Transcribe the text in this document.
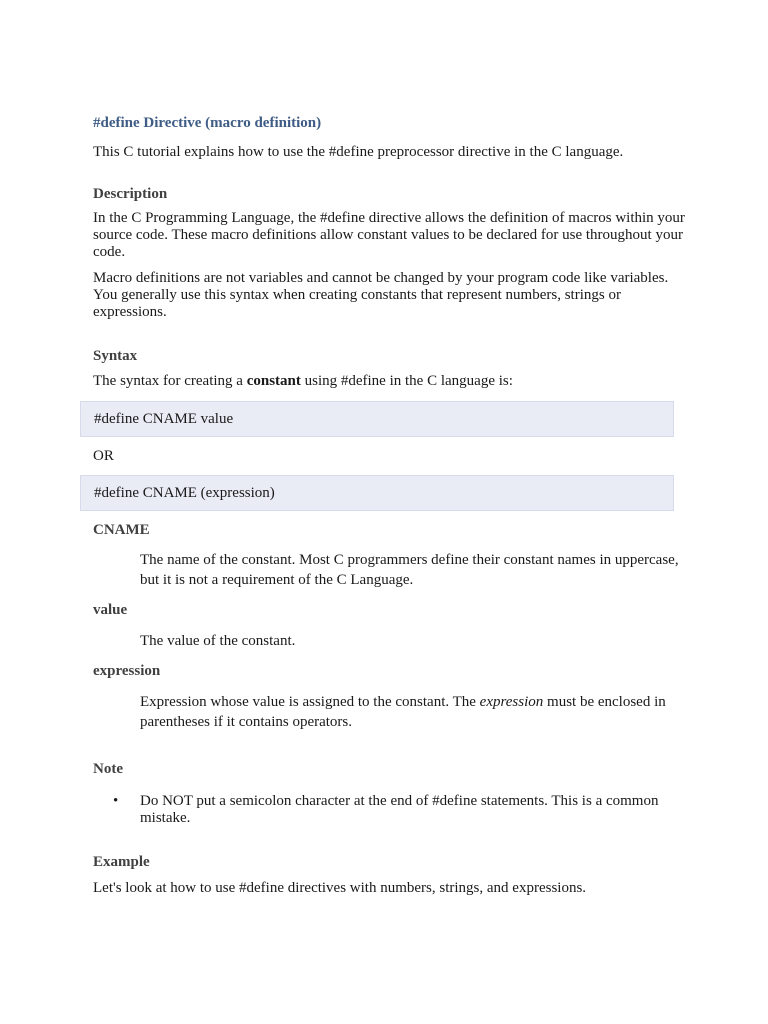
#define Directive (macro definition)

This C tutorial explains how to use the #define preprocessor directive in the C language.

Description

In the C Programming Language, the #define directive allows the definition of macros within your source code. These macro definitions allow constant values to be declared for use throughout your code.

Macro definitions are not variables and cannot be changed by your program code like variables. You generally use this syntax when creating constants that represent numbers, strings or expressions.

Syntax

The syntax for creating a constant using #define in the C language is:

#define CNAME value
OR
#define CNAME (expression)
CNAME

The name of the constant. Most C programmers define their constant names in uppercase, but it is not a requirement of the C Language.

value

The value of the constant.

expression

Expression whose value is assigned to the constant. The expression must be enclosed in parentheses if it contains operators.

Note
•	Do NOT put a semicolon character at the end of #define statements. This is a common mistake.
Example

Let's look at how to use #define directives with numbers, strings, and expressions.
